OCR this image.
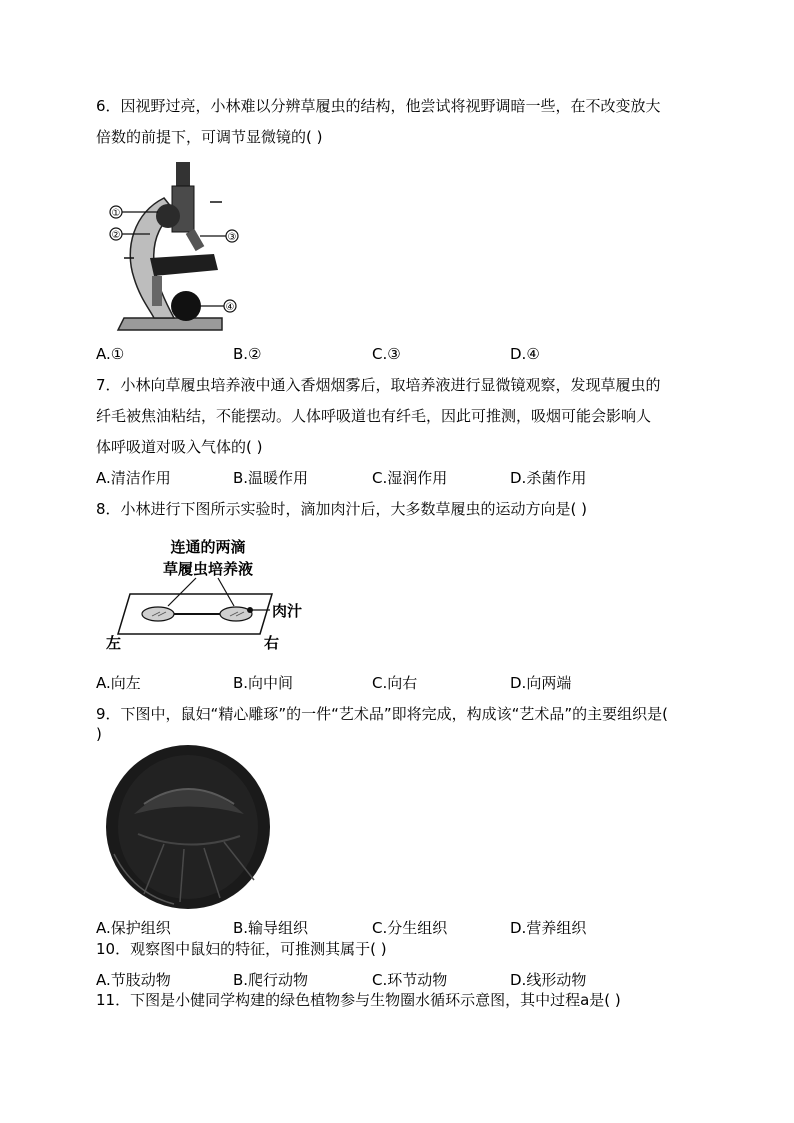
6．因视野过亮，小林难以分辨草履虫的结构，他尝试将视野调暗一些，在不改变放大
倍数的前提下，可调节显微镜的( )
①
②	③
④
A.①	B.②	C.③	D.④
7．小林向草履虫培养液中通入香烟烟雾后，取培养液进行显微镜观察，发现草履虫的
纤毛被焦油粘结，不能摆动。人体呼吸道也有纤毛，因此可推测，吸烟可能会影响人
体呼吸道对吸入气体的( )
A.清洁作用	B.温暖作用	C.湿润作用	D.杀菌作用
8．小林进行下图所示实验时，滴加肉汁后，大多数草履虫的运动方向是( )
连通的两滴
草履虫培养液
肉汁
左	右
A.向左	B.向中间	C.向右	D.向两端
9．下图中，鼠妇“精心雕琢”的一件“艺术品”即将完成，构成该“艺术品”的主要组织是(
)
A.保护组织	B.输导组织	C.分生组织	D.营养组织
10．观察图中鼠妇的特征，可推测其属于( )
A.节肢动物	B.爬行动物	C.环节动物	D.线形动物
11．下图是小健同学构建的绿色植物参与生物圈水循环示意图，其中过程a是( )
